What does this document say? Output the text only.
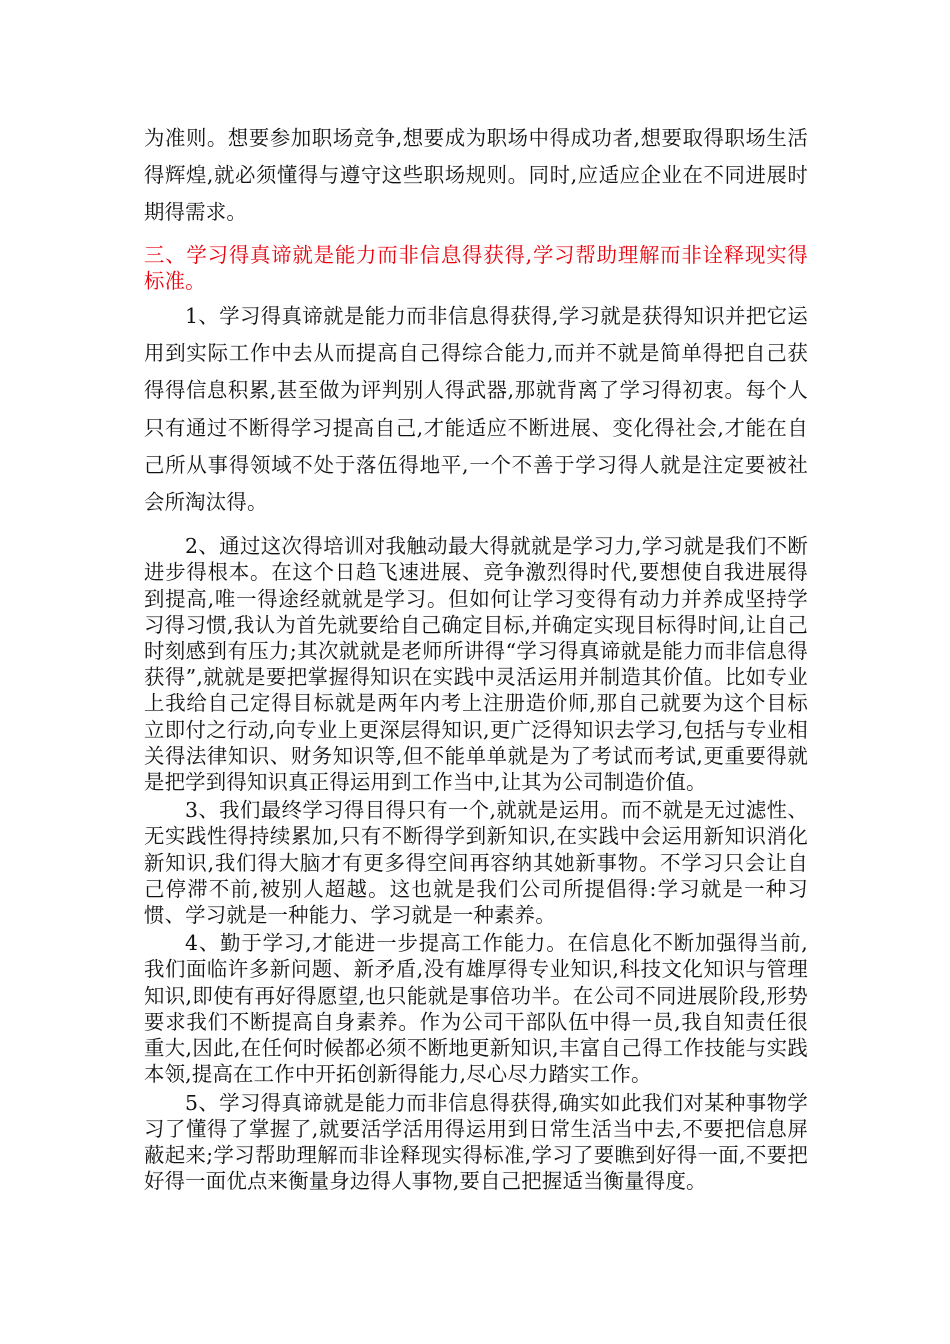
为准则。想要参加职场竞争,想要成为职场中得成功者,想要取得职场生活得辉煌,就必须懂得与遵守这些职场规则。同时,应适应企业在不同进展时期得需求。

三、学习得真谛就是能力而非信息得获得,学习帮助理解而非诠释现实得标准。

1、学习得真谛就是能力而非信息得获得,学习就是获得知识并把它运用到实际工作中去从而提高自己得综合能力,而并不就是简单得把自己获得得信息积累,甚至做为评判别人得武器,那就背离了学习得初衷。每个人只有通过不断得学习提高自己,才能适应不断进展、变化得社会,才能在自己所从事得领域不处于落伍得地平,一个不善于学习得人就是注定要被社会所淘汰得。

2、通过这次得培训对我触动最大得就就是学习力,学习就是我们不断进步得根本。在这个日趋飞速进展、竞争激烈得时代,要想使自我进展得到提高,唯一得途经就就是学习。但如何让学习变得有动力并养成坚持学习得习惯,我认为首先就要给自己确定目标,并确定实现目标得时间,让自己时刻感到有压力;其次就就是老师所讲得“学习得真谛就是能力而非信息得获得”,就就是要把掌握得知识在实践中灵活运用并制造其价值。比如专业上我给自己定得目标就是两年内考上注册造价师,那自己就要为这个目标立即付之行动,向专业上更深层得知识,更广泛得知识去学习,包括与专业相关得法律知识、财务知识等,但不能单单就是为了考试而考试,更重要得就是把学到得知识真正得运用到工作当中,让其为公司制造价值。

3、我们最终学习得目得只有一个,就就是运用。而不就是无过滤性、无实践性得持续累加,只有不断得学到新知识,在实践中会运用新知识消化新知识,我们得大脑才有更多得空间再容纳其她新事物。不学习只会让自己停滞不前,被别人超越。这也就是我们公司所提倡得:学习就是一种习惯、学习就是一种能力、学习就是一种素养。

4、勤于学习,才能进一步提高工作能力。在信息化不断加强得当前,我们面临许多新问题、新矛盾,没有雄厚得专业知识,科技文化知识与管理知识,即使有再好得愿望,也只能就是事倍功半。在公司不同进展阶段,形势要求我们不断提高自身素养。作为公司干部队伍中得一员,我自知责任很重大,因此,在任何时候都必须不断地更新知识,丰富自己得工作技能与实践本领,提高在工作中开拓创新得能力,尽心尽力踏实工作。

5、学习得真谛就是能力而非信息得获得,确实如此我们对某种事物学习了懂得了掌握了,就要活学活用得运用到日常生活当中去,不要把信息屏蔽起来;学习帮助理解而非诠释现实得标准,学习了要瞧到好得一面,不要把好得一面优点来衡量身边得人事物,要自己把握适当衡量得度。
